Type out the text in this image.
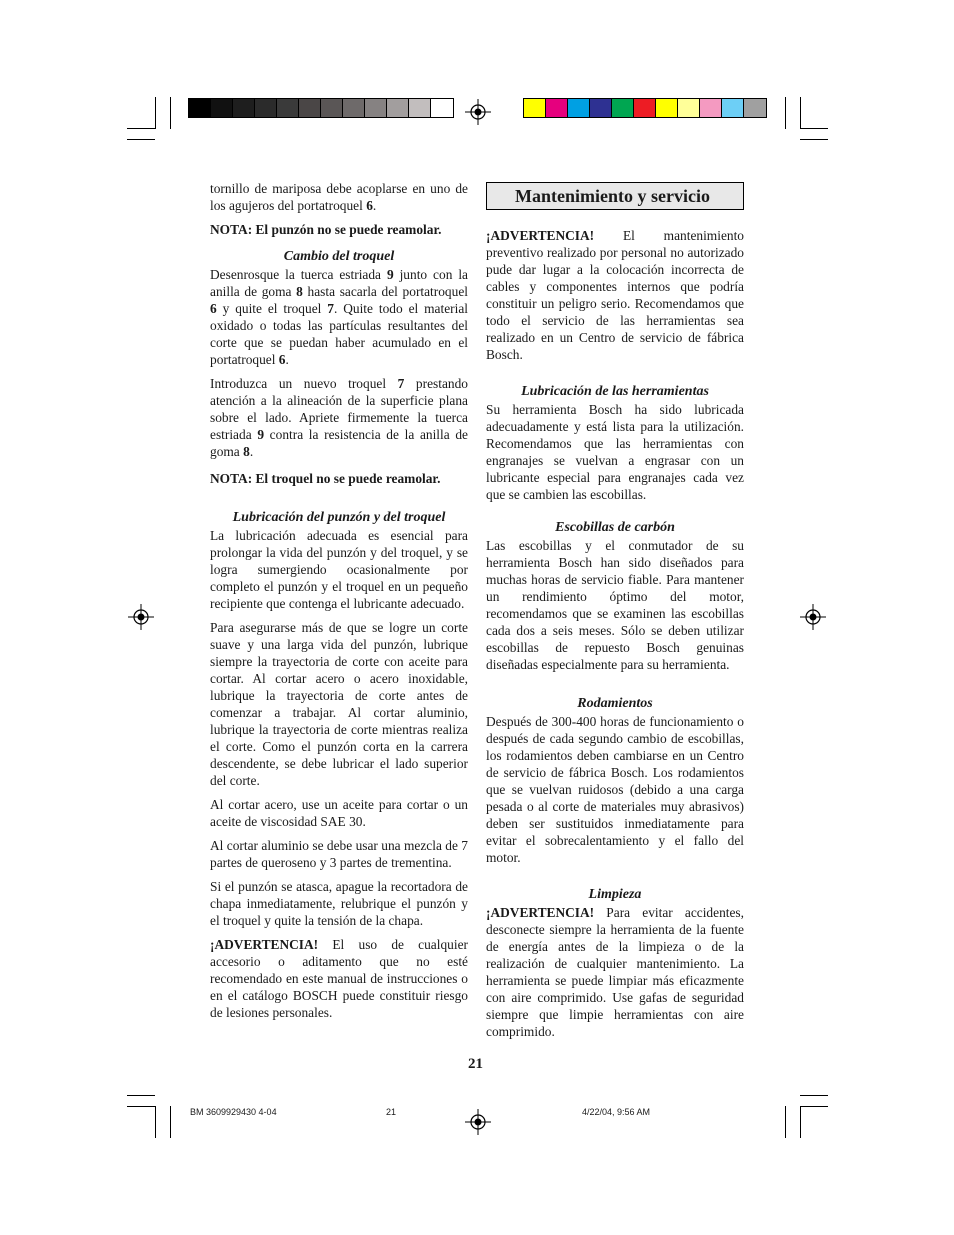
tornillo de mariposa debe acoplarse en uno de los agujeros del portatroquel 6.

NOTA: El punzón no se puede reamolar.

Cambio del troquel

Desenrosque la tuerca estriada 9 junto con la anilla de goma 8 hasta sacarla del portatroquel 6 y quite el troquel 7. Quite todo el material oxidado o todas las partículas resultantes del corte que se puedan haber acumulado en el portatroquel 6.

Introduzca un nuevo troquel 7 prestando atención a la alineación de la superficie plana sobre el lado. Apriete firmemente la tuerca estriada 9 contra la resistencia de la anilla de goma 8.

NOTA: El troquel no se puede reamolar.

Lubricación del punzón y del troquel

La lubricación adecuada es esencial para prolongar la vida del punzón y del troquel, y se logra sumergiendo ocasionalmente por completo el punzón y el troquel en un pequeño recipiente que contenga el lubricante adecuado.

Para asegurarse más de que se logre un corte suave y una larga vida del punzón, lubrique siempre la trayectoria de corte con aceite para cortar. Al cortar acero o acero inoxidable, lubrique la trayectoria de corte antes de comenzar a trabajar. Al cortar aluminio, lubrique la trayectoria de corte mientras realiza el corte. Como el punzón corta en la carrera descendente, se debe lubricar el lado superior del corte.

Al cortar acero, use un aceite para cortar o un aceite de viscosidad SAE 30.

Al cortar aluminio se debe usar una mezcla de 7 partes de queroseno y 3 partes de trementina.

Si el punzón se atasca, apague la recortadora de chapa inmediatamente, relubrique el punzón y el troquel y quite la tensión de la chapa.

¡ADVERTENCIA! El uso de cualquier accesorio o aditamento que no esté recomendado en este manual de instrucciones o en el catálogo BOSCH puede constituir riesgo de lesiones personales.

Mantenimiento y servicio

¡ADVERTENCIA! El mantenimiento preventivo realizado por personal no autorizado pude dar lugar a la colocación incorrecta de cables y componentes internos que podría constituir un peligro serio. Recomendamos que todo el servicio de las herramientas sea realizado en un Centro de servicio de fábrica Bosch.

Lubricación de las herramientas

Su herramienta Bosch ha sido lubricada adecuadamente y está lista para la utilización. Recomendamos que las herramientas con engranajes se vuelvan a engrasar con un lubricante especial para engranajes cada vez que se cambien las escobillas.

Escobillas de carbón

Las escobillas y el conmutador de su herramienta Bosch han sido diseñados para muchas horas de servicio fiable. Para mantener un rendimiento óptimo del motor, recomendamos que se examinen las escobillas cada dos a seis meses. Sólo se deben utilizar escobillas de repuesto Bosch genuinas diseñadas especialmente para su herramienta.

Rodamientos

Después de 300-400 horas de funcionamiento o después de cada segundo cambio de escobillas, los rodamientos deben cambiarse en un Centro de servicio de fábrica Bosch. Los rodamientos que se vuelvan ruidosos (debido a una carga pesada o al corte de materiales muy abrasivos) deben ser sustituidos inmediatamente para evitar el sobrecalentamiento y el fallo del motor.

Limpieza

¡ADVERTENCIA! Para evitar accidentes, desconecte siempre la herramienta de la fuente de energía antes de la limpieza o de la realización de cualquier mantenimiento. La herramienta se puede limpiar más eficazmente con aire comprimido. Use gafas de seguridad siempre que limpie herramientas con aire comprimido.

21
BM 3609929430 4-04	21	4/22/04, 9:56 AM
